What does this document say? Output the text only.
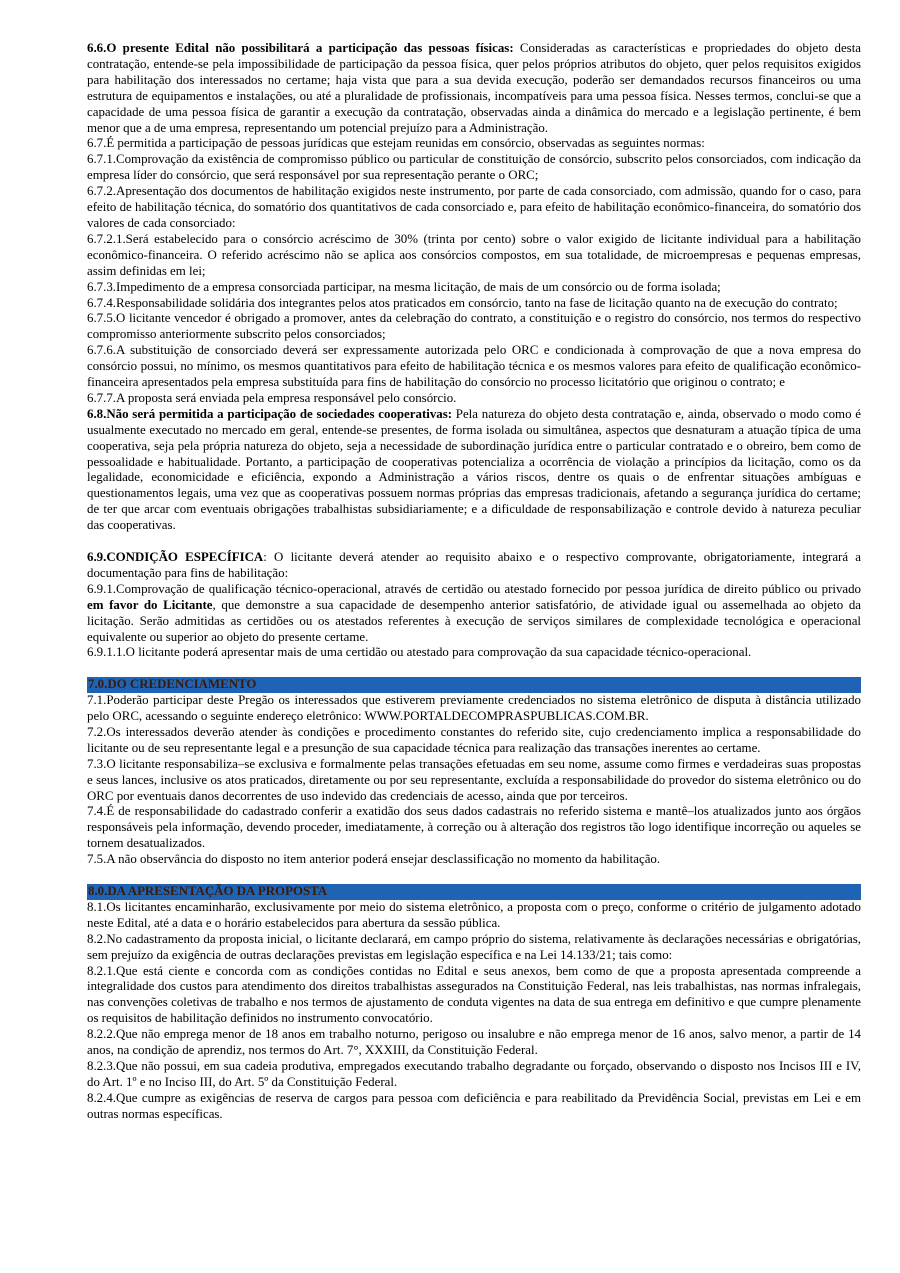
6.6.O presente Edital não possibilitará a participação das pessoas físicas: Consideradas as características e propriedades do objeto desta contratação, entende-se pela impossibilidade de participação da pessoa física, quer pelos próprios atributos do objeto, quer pelos requisitos exigidos para habilitação dos interessados no certame; haja vista que para a sua devida execução, poderão ser demandados recursos financeiros ou uma estrutura de equipamentos e instalações, ou até a pluralidade de profissionais, incompatíveis para uma pessoa física. Nesses termos, conclui-se que a capacidade de uma pessoa física de garantir a execução da contratação, observadas ainda a dinâmica do mercado e a legislação pertinente, é bem menor que a de uma empresa, representando um potencial prejuízo para a Administração.

6.7.É permitida a participação de pessoas jurídicas que estejam reunidas em consórcio, observadas as seguintes normas:

6.7.1.Comprovação da existência de compromisso público ou particular de constituição de consórcio, subscrito pelos consorciados, com indicação da empresa líder do consórcio, que será responsável por sua representação perante o ORC;

6.7.2.Apresentação dos documentos de habilitação exigidos neste instrumento, por parte de cada consorciado, com admissão, quando for o caso, para efeito de habilitação técnica, do somatório dos quantitativos de cada consorciado e, para efeito de habilitação econômico-financeira, do somatório dos valores de cada consorciado:

6.7.2.1.Será estabelecido para o consórcio acréscimo de 30% (trinta por cento) sobre o valor exigido de licitante individual para a habilitação econômico-financeira. O referido acréscimo não se aplica aos consórcios compostos, em sua totalidade, de microempresas e pequenas empresas, assim definidas em lei;

6.7.3.Impedimento de a empresa consorciada participar, na mesma licitação, de mais de um consórcio ou de forma isolada;

6.7.4.Responsabilidade solidária dos integrantes pelos atos praticados em consórcio, tanto na fase de licitação quanto na de execução do contrato;

6.7.5.O licitante vencedor é obrigado a promover, antes da celebração do contrato, a constituição e o registro do consórcio, nos termos do respectivo compromisso anteriormente subscrito pelos consorciados;

6.7.6.A substituição de consorciado deverá ser expressamente autorizada pelo ORC e condicionada à comprovação de que a nova empresa do consórcio possui, no mínimo, os mesmos quantitativos para efeito de habilitação técnica e os mesmos valores para efeito de qualificação econômico-financeira apresentados pela empresa substituída para fins de habilitação do consórcio no processo licitatório que originou o contrato; e

6.7.7.A proposta será enviada pela empresa responsável pelo consórcio.

6.8.Não será permitida a participação de sociedades cooperativas: Pela natureza do objeto desta contratação e, ainda, observado o modo como é usualmente executado no mercado em geral, entende-se presentes, de forma isolada ou simultânea, aspectos que desnaturam a atuação típica de uma cooperativa, seja pela própria natureza do objeto, seja a necessidade de subordinação jurídica entre o particular contratado e o obreiro, bem como de pessoalidade e habitualidade. Portanto, a participação de cooperativas potencializa a ocorrência de violação a princípios da licitação, como os da legalidade, economicidade e eficiência, expondo a Administração a vários riscos, dentre os quais o de enfrentar situações ambíguas e questionamentos legais, uma vez que as cooperativas possuem normas próprias das empresas tradicionais, afetando a segurança jurídica do certame; de ter que arcar com eventuais obrigações trabalhistas subsidiariamente; e a dificuldade de responsabilização e controle devido à natureza peculiar das cooperativas.

6.9.CONDIÇÃO ESPECÍFICA: O licitante deverá atender ao requisito abaixo e o respectivo comprovante, obrigatoriamente, integrará a documentação para fins de habilitação:

6.9.1.Comprovação de qualificação técnico-operacional, através de certidão ou atestado fornecido por pessoa jurídica de direito público ou privado em favor do Licitante, que demonstre a sua capacidade de desempenho anterior satisfatório, de atividade igual ou assemelhada ao objeto da licitação. Serão admitidas as certidões ou os atestados referentes à execução de serviços similares de complexidade tecnológica e operacional equivalente ou superior ao objeto do presente certame.

6.9.1.1.O licitante poderá apresentar mais de uma certidão ou atestado para comprovação da sua capacidade técnico-operacional.

7.0.DO CREDENCIAMENTO

7.1.Poderão participar deste Pregão os interessados que estiverem previamente credenciados no sistema eletrônico de disputa à distância utilizado pelo ORC, acessando o seguinte endereço eletrônico: WWW.PORTALDECOMPRASPUBLICAS.COM.BR.

7.2.Os interessados deverão atender às condições e procedimento constantes do referido site, cujo credenciamento implica a responsabilidade do licitante ou de seu representante legal e a presunção de sua capacidade técnica para realização das transações inerentes ao certame.

7.3.O licitante responsabiliza–se exclusiva e formalmente pelas transações efetuadas em seu nome, assume como firmes e verdadeiras suas propostas e seus lances, inclusive os atos praticados, diretamente ou por seu representante, excluída a responsabilidade do provedor do sistema eletrônico ou do ORC por eventuais danos decorrentes de uso indevido das credenciais de acesso, ainda que por terceiros.

7.4.É de responsabilidade do cadastrado conferir a exatidão dos seus dados cadastrais no referido sistema e mantê–los atualizados junto aos órgãos responsáveis pela informação, devendo proceder, imediatamente, à correção ou à alteração dos registros tão logo identifique incorreção ou aqueles se tornem desatualizados.

7.5.A não observância do disposto no item anterior poderá ensejar desclassificação no momento da habilitação.

8.0.DA APRESENTAÇÃO DA PROPOSTA

8.1.Os licitantes encaminharão, exclusivamente por meio do sistema eletrônico, a proposta com o preço, conforme o critério de julgamento adotado neste Edital, até a data e o horário estabelecidos para abertura da sessão pública.

8.2.No cadastramento da proposta inicial, o licitante declarará, em campo próprio do sistema, relativamente às declarações necessárias e obrigatórias, sem prejuízo da exigência de outras declarações previstas em legislação específica e na Lei 14.133/21; tais como:

8.2.1.Que está ciente e concorda com as condições contidas no Edital e seus anexos, bem como de que a proposta apresentada compreende a integralidade dos custos para atendimento dos direitos trabalhistas assegurados na Constituição Federal, nas leis trabalhistas, nas normas infralegais, nas convenções coletivas de trabalho e nos termos de ajustamento de conduta vigentes na data de sua entrega em definitivo e que cumpre plenamente os requisitos de habilitação definidos no instrumento convocatório.

8.2.2.Que não emprega menor de 18 anos em trabalho noturno, perigoso ou insalubre e não emprega menor de 16 anos, salvo menor, a partir de 14 anos, na condição de aprendiz, nos termos do Art. 7°, XXXIII, da Constituição Federal.

8.2.3.Que não possui, em sua cadeia produtiva, empregados executando trabalho degradante ou forçado, observando o disposto nos Incisos III e IV, do Art. 1º e no Inciso III, do Art. 5º da Constituição Federal.

8.2.4.Que cumpre as exigências de reserva de cargos para pessoa com deficiência e para reabilitado da Previdência Social, previstas em Lei e em outras normas específicas.
